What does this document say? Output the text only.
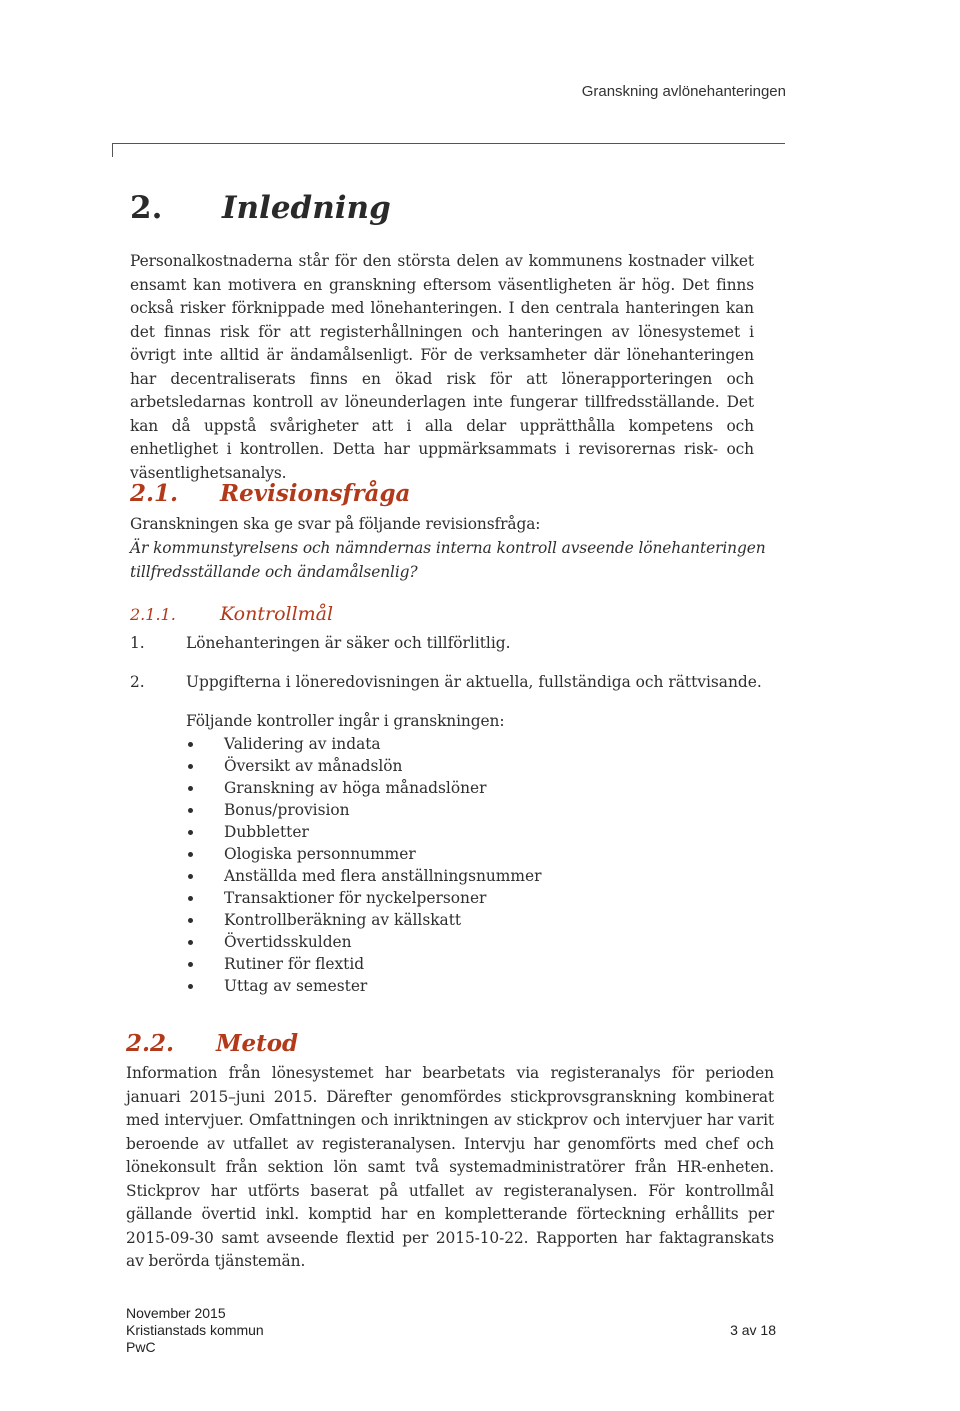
Granskning avlönehanteringen
2. Inledning

Personalkostnaderna står för den största delen av kommunens kostnader vilket ensamt kan motivera en granskning eftersom väsentligheten är hög. Det finns också risker förknippade med lönehanteringen. I den centrala hanteringen kan det finnas risk för att registerhållningen och hanteringen av lönesystemet i övrigt inte alltid är ändamålsenligt. För de verksamheter där lönehanteringen har decentraliserats finns en ökad risk för att lönerapporteringen och arbetsledarnas kontroll av löneunderlagen inte fungerar tillfredsställande. Det kan då uppstå svårigheter att i alla delar upprätthålla kompetens och enhetlighet i kontrollen. Detta har uppmärksammats i revisorernas risk- och väsentlighetsanalys.

2.1. Revisionsfråga

Granskningen ska ge svar på följande revisionsfråga:

Är kommunstyrelsens och nämndernas interna kontroll avseende lönehanteringen tillfredsställande och ändamålsenlig?

2.1.1. Kontrollmål
1.	Lönehanteringen är säker och tillförlitlig.
2.	Uppgifterna i löneredovisningen är aktuella, fullständiga och rättvisande.

Följande kontroller ingår i granskningen:

Validering av indata
Översikt av månadslön
Granskning av höga månadslöner
Bonus/provision
Dubbletter
Ologiska personnummer
Anställda med flera anställningsnummer
Transaktioner för nyckelpersoner
Kontrollberäkning av källskatt
Övertidsskulden
Rutiner för flextid
Uttag av semester
2.2. Metod

Information från lönesystemet har bearbetats via registeranalys för perioden januari 2015–juni 2015. Därefter genomfördes stickprovsgranskning kombinerat med intervjuer. Omfattningen och inriktningen av stickprov och intervjuer har varit beroende av utfallet av registeranalysen. Intervju har genomförts med chef och lönekonsult från sektion lön samt två systemadministratörer från HR-enheten. Stickprov har utförts baserat på utfallet av registeranalysen. För kontrollmål gällande övertid inkl. komptid har en kompletterande förteckning erhållits per 2015-09-30 samt avseende flextid per 2015-10-22. Rapporten har faktagranskats av berörda tjänstemän.

November 2015
Kristianstads kommun
PwC
3 av 18
